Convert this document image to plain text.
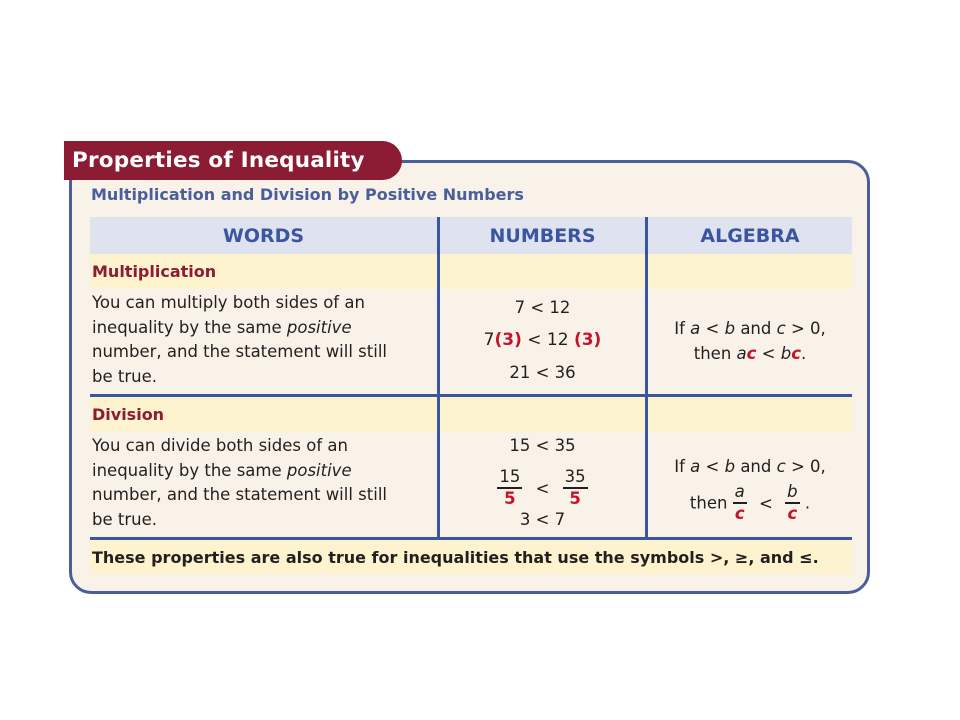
Properties of Inequality
Multiplication and Division by Positive Numbers
WORDS	NUMBERS	ALGEBRA
Multiplication
You can multiply both sides of an
inequality by the same positive
number, and the statement will still
be true.
7 < 12
7(3) < 12 (3)
21 < 36
If a < b and c > 0,
then ac < bc.
Division
You can divide both sides of an
inequality by the same positive
number, and the statement will still
be true.
15 < 35
$\frac{15}{5} < \frac{35}{5}$
3 < 7
If a < b and c > 0,
then $\frac{a}{c} < \frac{b}{c}$ .
These properties are also true for inequalities that use the symbols >, ≥, and ≤.
